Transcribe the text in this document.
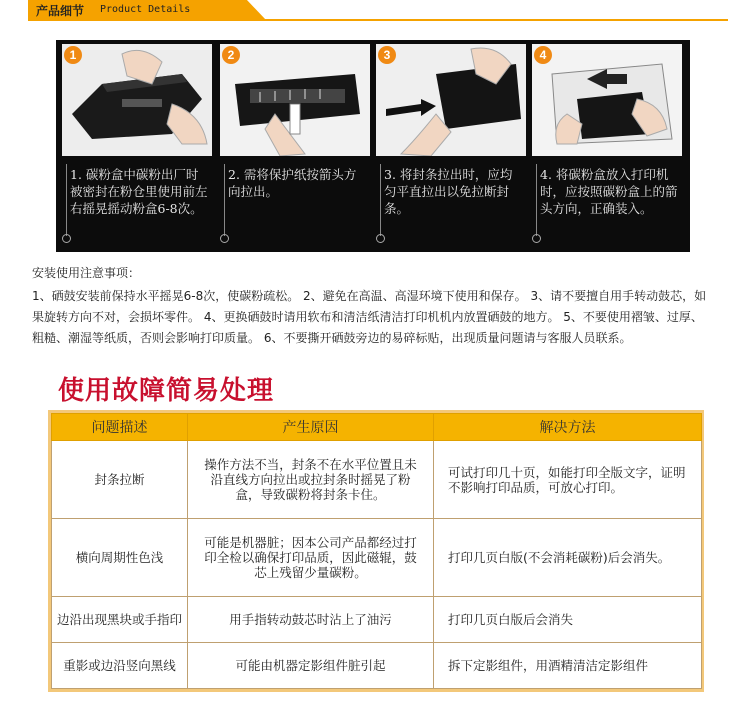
产品细节 Product Details
1
1. 碳粉盒中碳粉出厂时被密封在粉仓里使用前左右摇晃摇动粉盒6-8次。
2
2. 需将保护纸按箭头方向拉出。
3
3. 将封条拉出时，应均匀平直拉出以免拉断封条。
4
4. 将碳粉盒放入打印机时，应按照碳粉盒上的箭头方向，正确装入。
安装使用注意事项：
1、硒鼓安装前保持水平摇晃6-8次，使碳粉疏松。 2、避免在高温、高湿环境下使用和保存。 3、请不要擅自用手转动鼓芯，如果旋转方向不对，会损坏零件。 4、更换硒鼓时请用软布和清洁纸清洁打印机机内放置硒鼓的地方。 5、不要使用褶皱、过厚、粗糙、潮湿等纸质，否则会影响打印质量。 6、不要撕开硒鼓旁边的易碎标贴，出现质量问题请与客服人员联系。
使用故障简易处理
问题描述	产生原因	解决方法
封条拉断	操作方法不当，封条不在水平位置且未沿直线方向拉出或拉封条时摇晃了粉盒，导致碳粉将封条卡住。	可试打印几十页，如能打印全版文字，证明不影响打印品质，可放心打印。
横向周期性色浅	可能是机器脏；因本公司产品都经过打印全检以确保打印品质，因此磁辊，鼓芯上残留少量碳粉。	打印几页白版(不会消耗碳粉)后会消失。
边沿出现黑块或手指印	用手指转动鼓芯时沾上了油污	打印几页白版后会消失
重影或边沿竖向黑线	可能由机器定影组件脏引起	拆下定影组件，用酒精清洁定影组件
